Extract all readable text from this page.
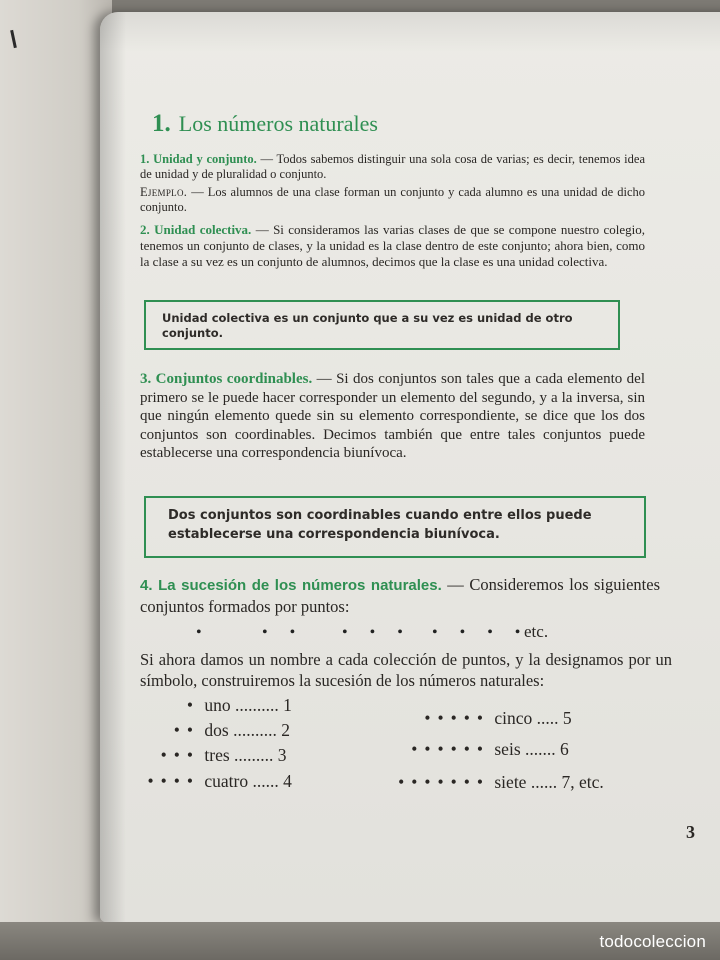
1. Los números naturales
1. Unidad y conjunto. — Todos sabemos distinguir una sola cosa de varias; es decir, tenemos idea de unidad y de pluralidad o conjunto.
Ejemplo. — Los alumnos de una clase forman un conjunto y cada alumno es una unidad de dicho conjunto.
2. Unidad colectiva. — Si consideramos las varias clases de que se compone nuestro colegio, tenemos un conjunto de clases, y la unidad es la clase dentro de este conjunto; ahora bien, como la clase a su vez es un conjunto de alumnos, decimos que la clase es una unidad colectiva.
Unidad colectiva es un conjunto que a su vez es unidad de otro conjunto.
3. Conjuntos coordinables. — Si dos conjuntos son tales que a cada elemento del primero se le puede hacer corresponder un elemento del segundo, y a la inversa, sin que ningún elemento quede sin su elemento correspondiente, se dice que los dos conjuntos son coordinables. Decimos también que entre tales conjuntos puede establecerse una correspondencia biunívoca.
Dos conjuntos son coordinables cuando entre ellos puede establecerse una correspondencia biunívoca.
4. La sucesión de los números naturales. — Consideremos los siguientes conjuntos formados por puntos:
•	• • • • • • • • •
etc.
Si ahora damos un nombre a cada colección de puntos, y la designamos por un símbolo, construiremos la sucesión de los números naturales:
• uno .......... 1
•• dos .......... 2
••• tres ......... 3
•••• cuatro ...... 4
••••• cinco ..... 5
•••••• seis ....... 6
••••••• siete ...... 7, etc.
3
todocoleccion
